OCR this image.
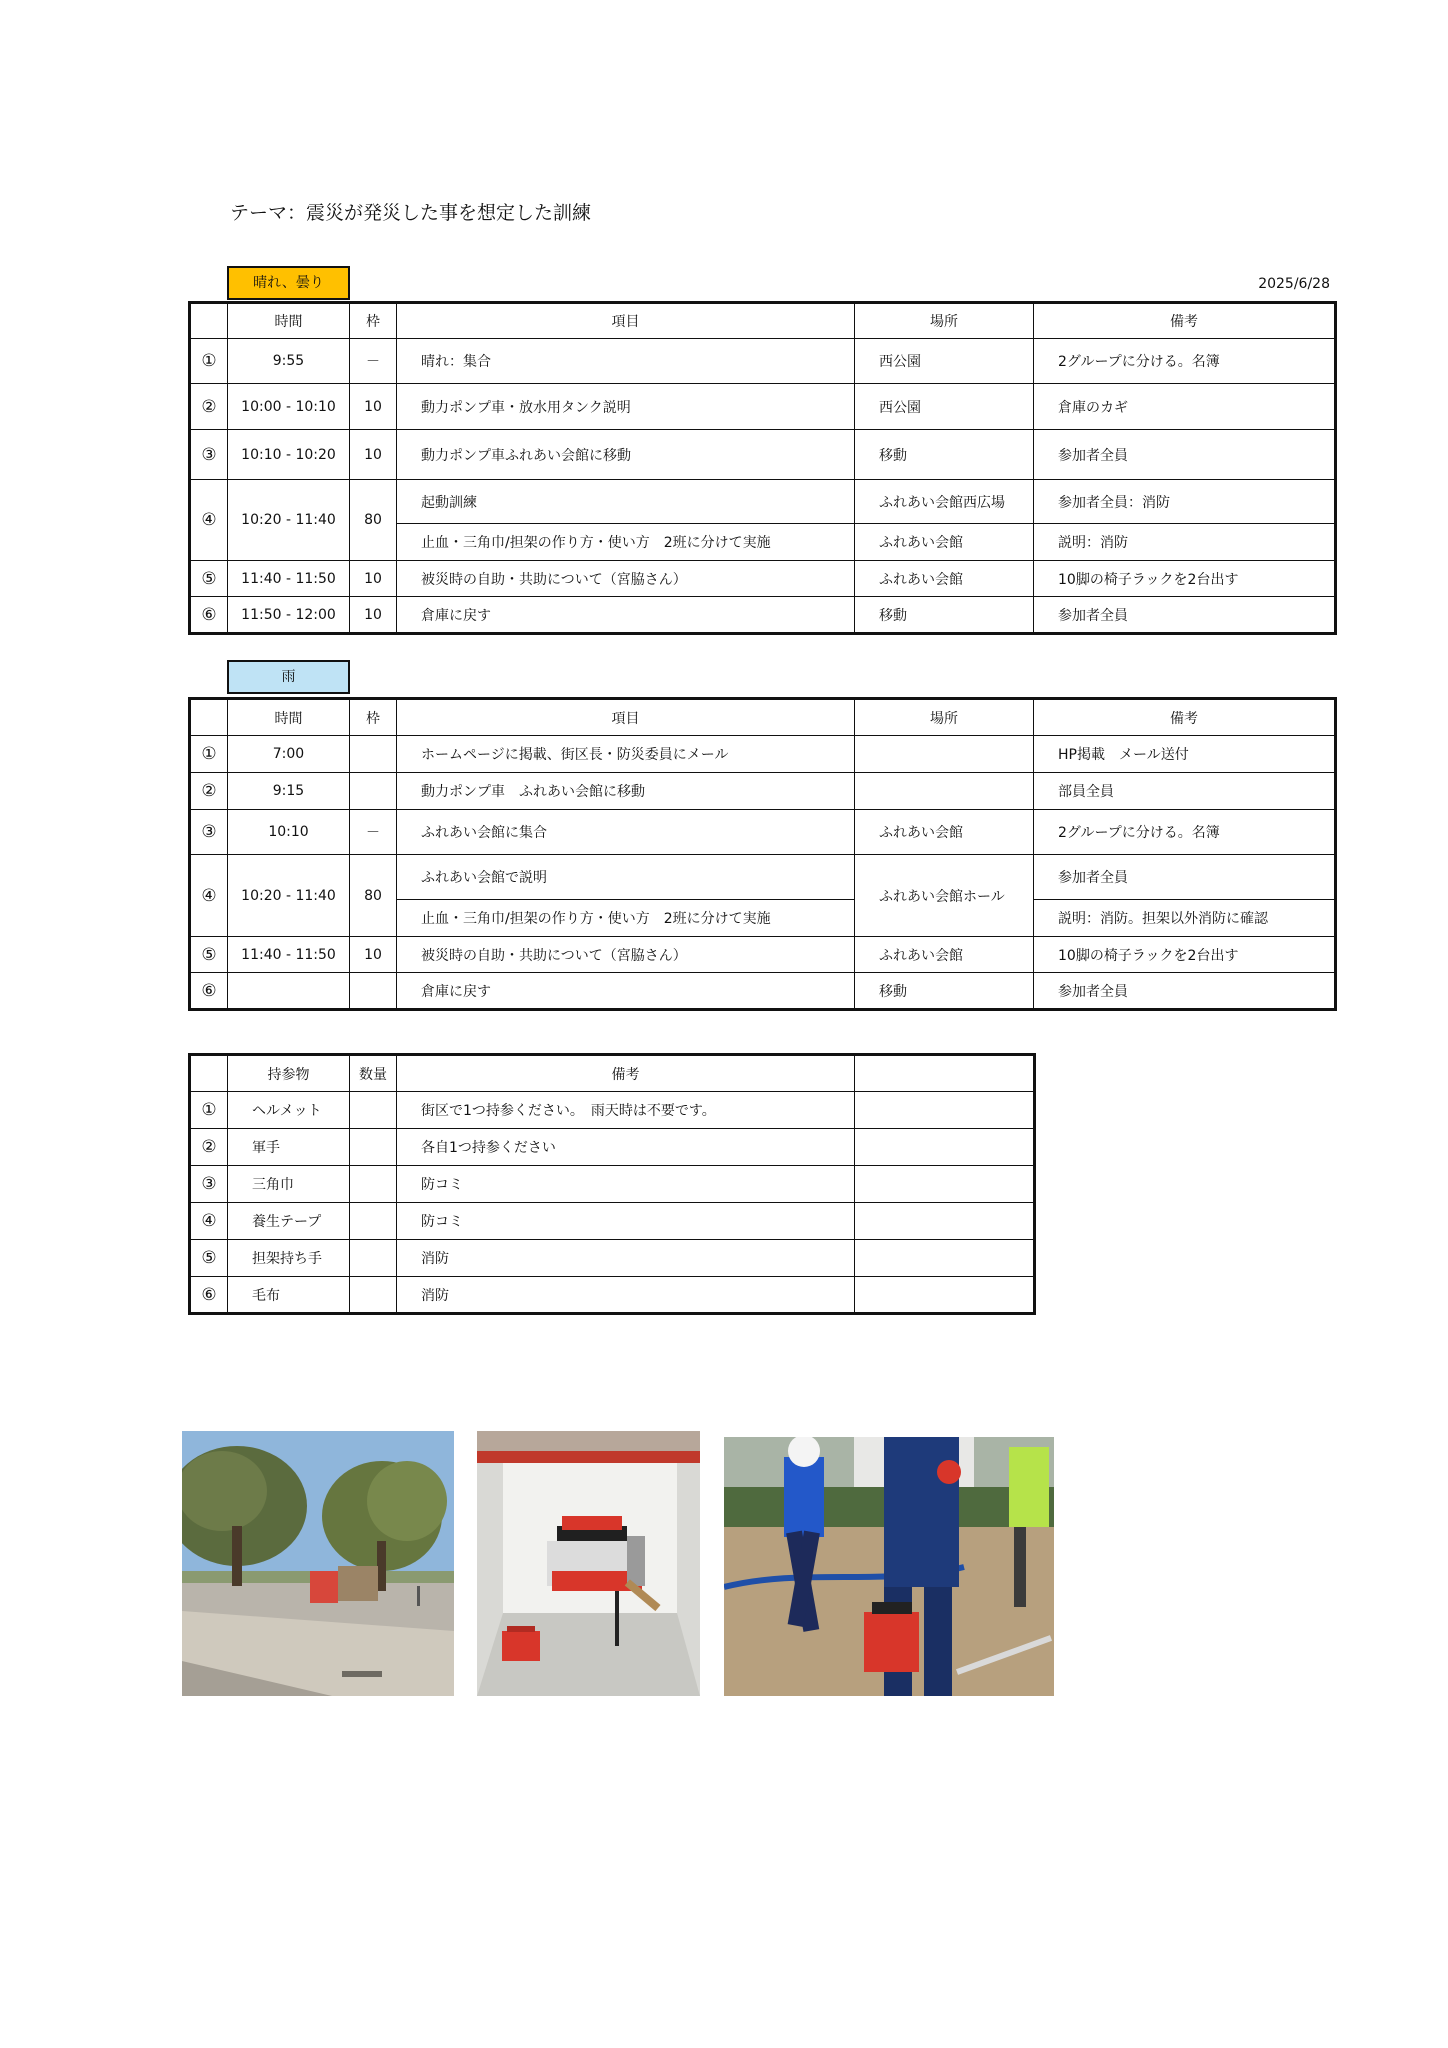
テーマ：震災が発災した事を想定した訓練
晴れ、曇り	2025/6/28
	時間	枠	項目	場所	備考
①	9:55	－	晴れ：集合	西公園	2グループに分ける。名簿
②	10:00 - 10:10	10	動力ポンプ車・放水用タンク説明	西公園	倉庫のカギ
③	10:10 - 10:20	10	動力ポンプ車ふれあい会館に移動	移動	参加者全員
④	10:20 - 11:40	80	起動訓練	ふれあい会館西広場	参加者全員：消防
			止血・三角巾/担架の作り方・使い方　2班に分けて実施	ふれあい会館	説明：消防
⑤	11:40 - 11:50	10	被災時の自助・共助について（宮脇さん）	ふれあい会館	10脚の椅子ラックを2台出す
⑥	11:50 - 12:00	10	倉庫に戻す	移動	参加者全員
雨
	時間	枠	項目	場所	備考
①	7:00		ホームページに掲載、街区長・防災委員にメール		HP掲載　メール送付
②	9:15		動力ポンプ車　ふれあい会館に移動		部員全員
③	10:10	－	ふれあい会館に集合	ふれあい会館	2グループに分ける。名簿
④	10:20 - 11:40	80	ふれあい会館で説明	ふれあい会館ホール	参加者全員
			止血・三角巾/担架の作り方・使い方　2班に分けて実施		説明：消防。担架以外消防に確認
⑤	11:40 - 11:50	10	被災時の自助・共助について（宮脇さん）	ふれあい会館	10脚の椅子ラックを2台出す
⑥			倉庫に戻す	移動	参加者全員
	持参物	数量	備考	
①	ヘルメット		街区で1つ持参ください。　雨天時は不要です。	
②	軍手		各自1つ持参ください	
③	三角巾		防コミ	
④	養生テープ		防コミ	
⑤	担架持ち手		消防	
⑥	毛布		消防	
